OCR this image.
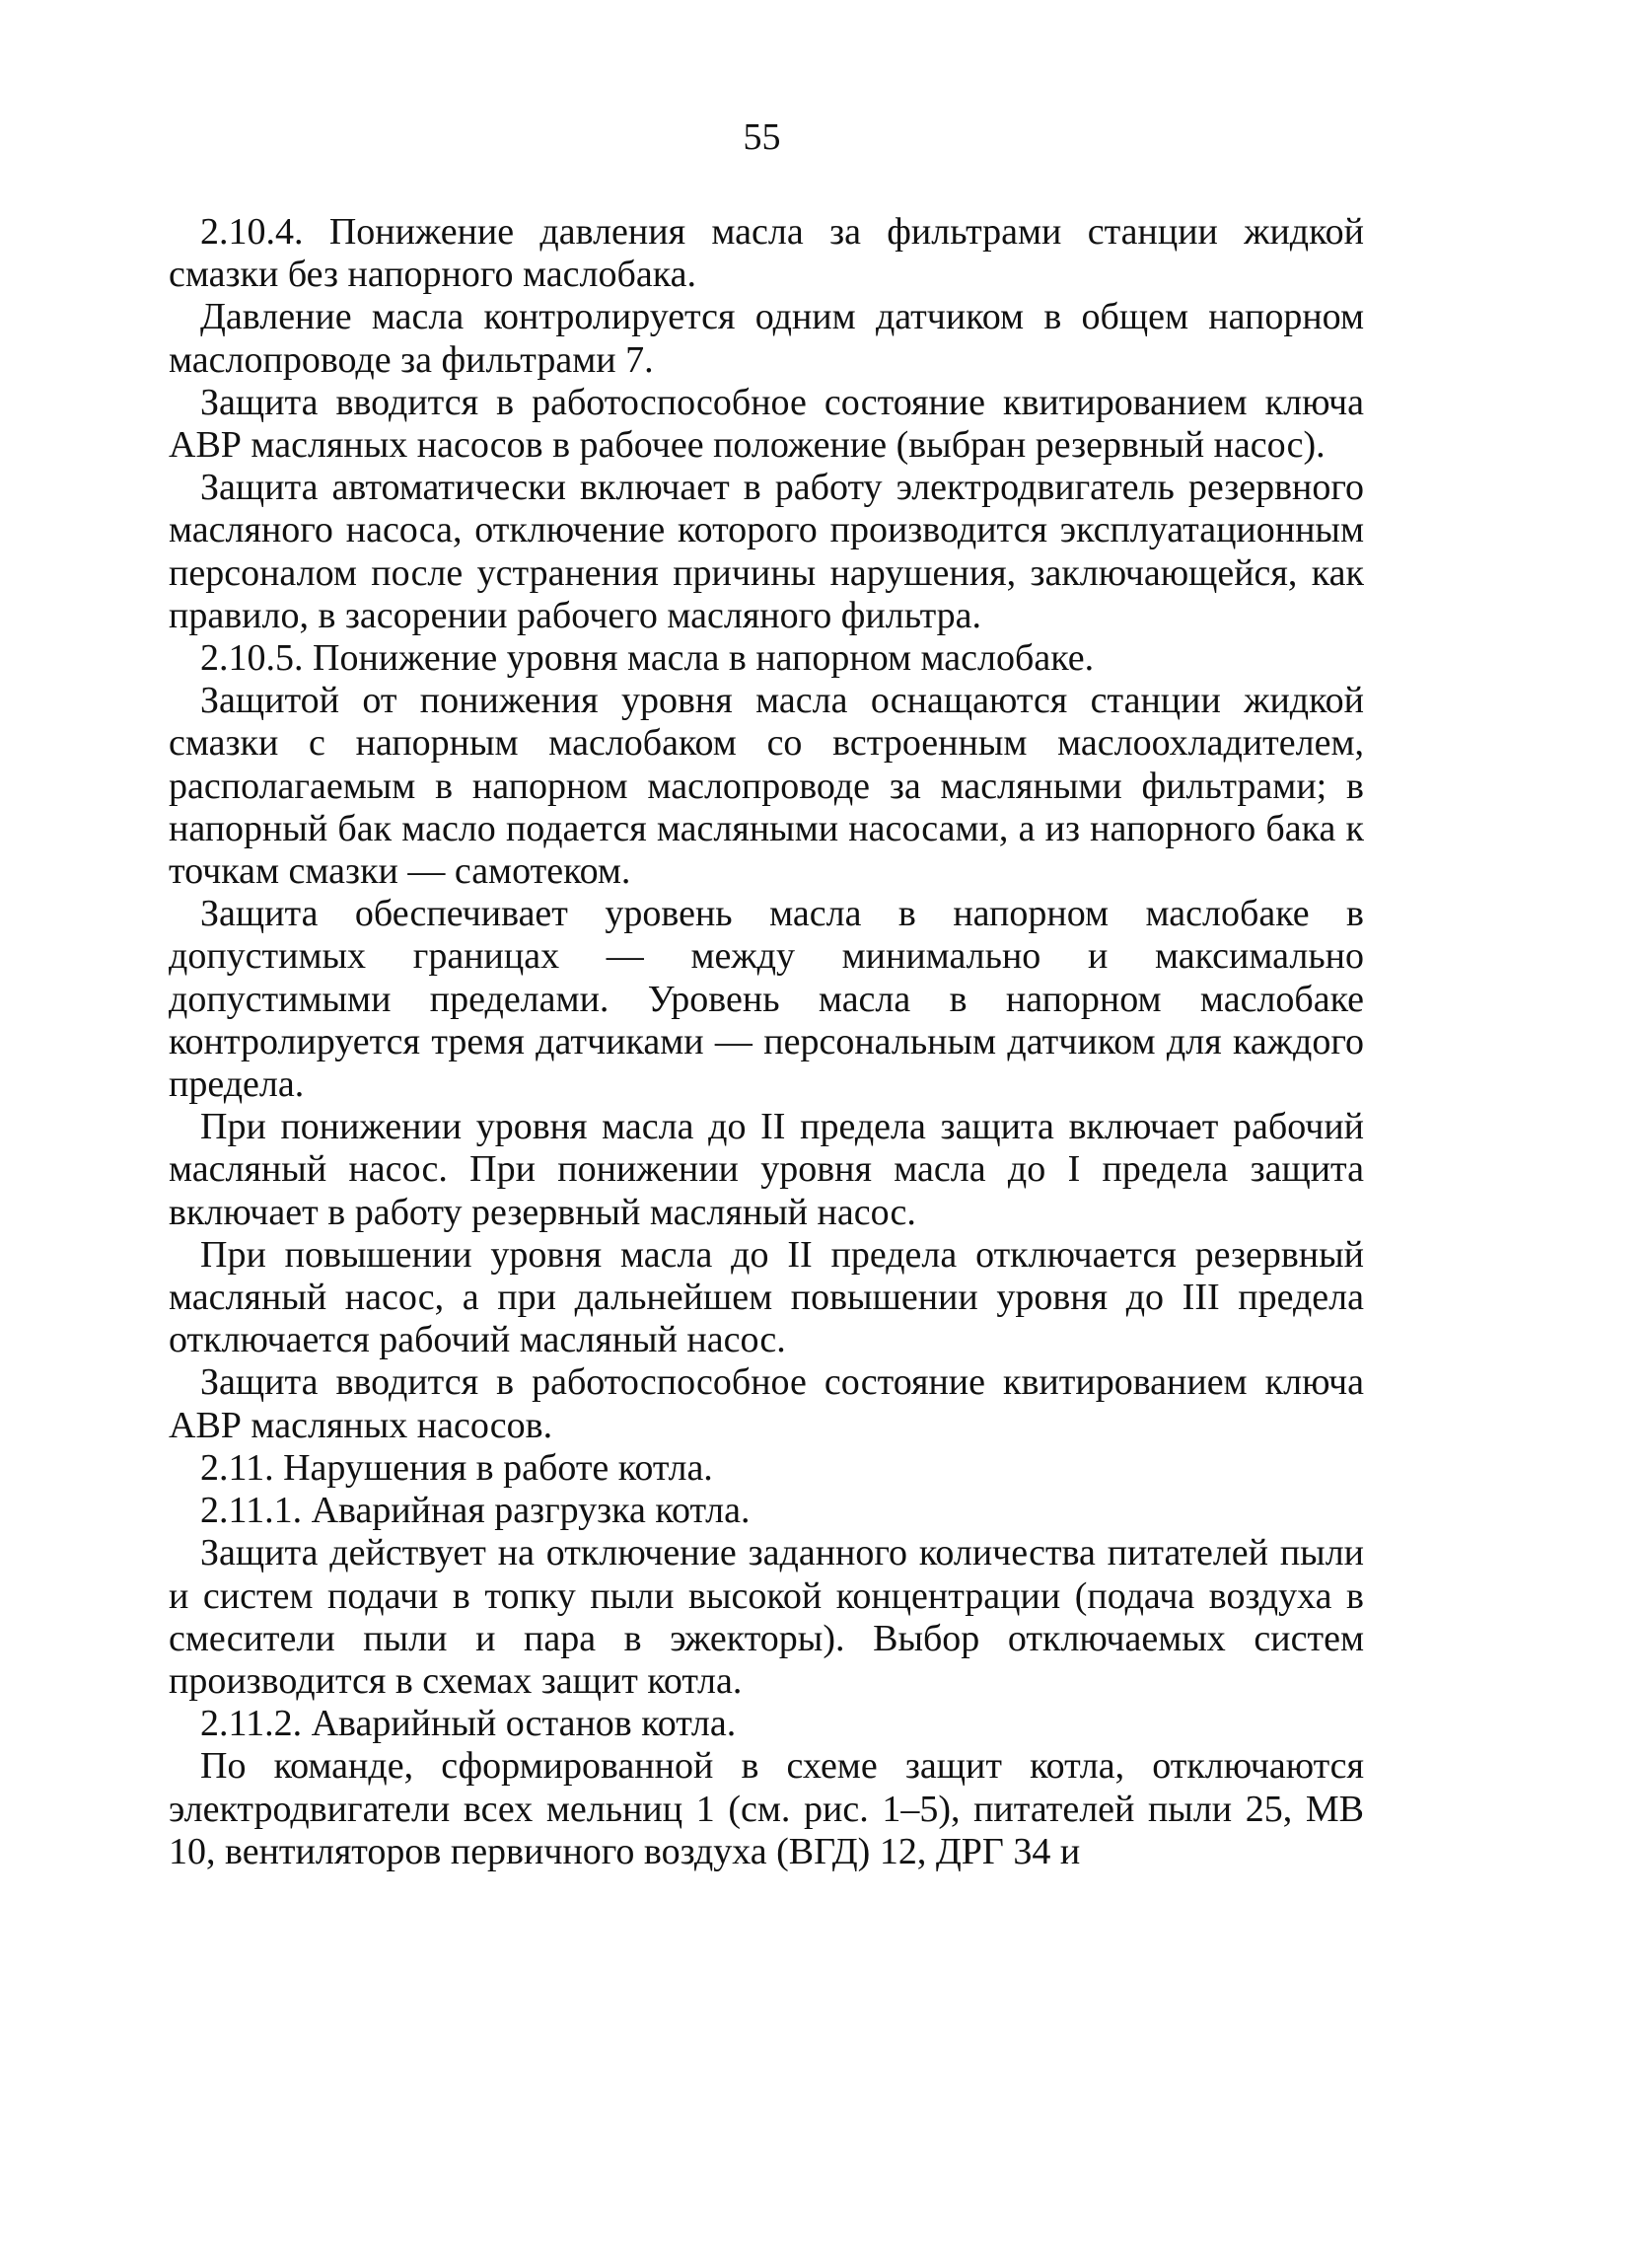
55

2.10.4. Понижение давления масла за фильтрами станции жидкой смазки без напорного маслобака.

Давление масла контролируется одним датчиком в общем напорном маслопроводе за фильтрами 7.

Защита вводится в работоспособное состояние квитированием ключа АВР масляных насосов в рабочее положение (выбран резервный насос).

Защита автоматически включает в работу электродвигатель резервного масляного насоса, отключение которого производится эксплуатационным персоналом после устранения причины нарушения, заключающейся, как правило, в засорении рабочего масляного фильтра.

2.10.5. Понижение уровня масла в напорном маслобаке.

Защитой от понижения уровня масла оснащаются станции жидкой смазки с напорным маслобаком со встроенным маслоохладителем, располагаемым в напорном маслопроводе за масляными фильтрами; в напорный бак масло подается масляными насосами, а из напорного бака к точкам смазки — самотеком.

Защита обеспечивает уровень масла в напорном маслобаке в допустимых границах — между минимально и максимально допустимыми пределами. Уровень масла в напорном маслобаке контролируется тремя датчиками — персональным датчиком для каждого предела.

При понижении уровня масла до II предела защита включает рабочий масляный насос. При понижении уровня масла до I предела защита включает в работу резервный масляный насос.

При повышении уровня масла до II предела отключается резервный масляный насос, а при дальнейшем повышении уровня до III предела отключается рабочий масляный насос.

Защита вводится в работоспособное состояние квитированием ключа АВР масляных насосов.

2.11. Нарушения в работе котла.

2.11.1. Аварийная разгрузка котла.

Защита действует на отключение заданного количества питателей пыли и систем подачи в топку пыли высокой концентрации (подача воздуха в смесители пыли и пара в эжекторы). Выбор отключаемых систем производится в схемах защит котла.

2.11.2. Аварийный останов котла.

По команде, сформированной в схеме защит котла, отключаются электродвигатели всех мельниц 1 (см. рис. 1–5), питателей пыли 25, МВ 10, вентиляторов первичного воздуха (ВГД) 12, ДРГ 34 и
